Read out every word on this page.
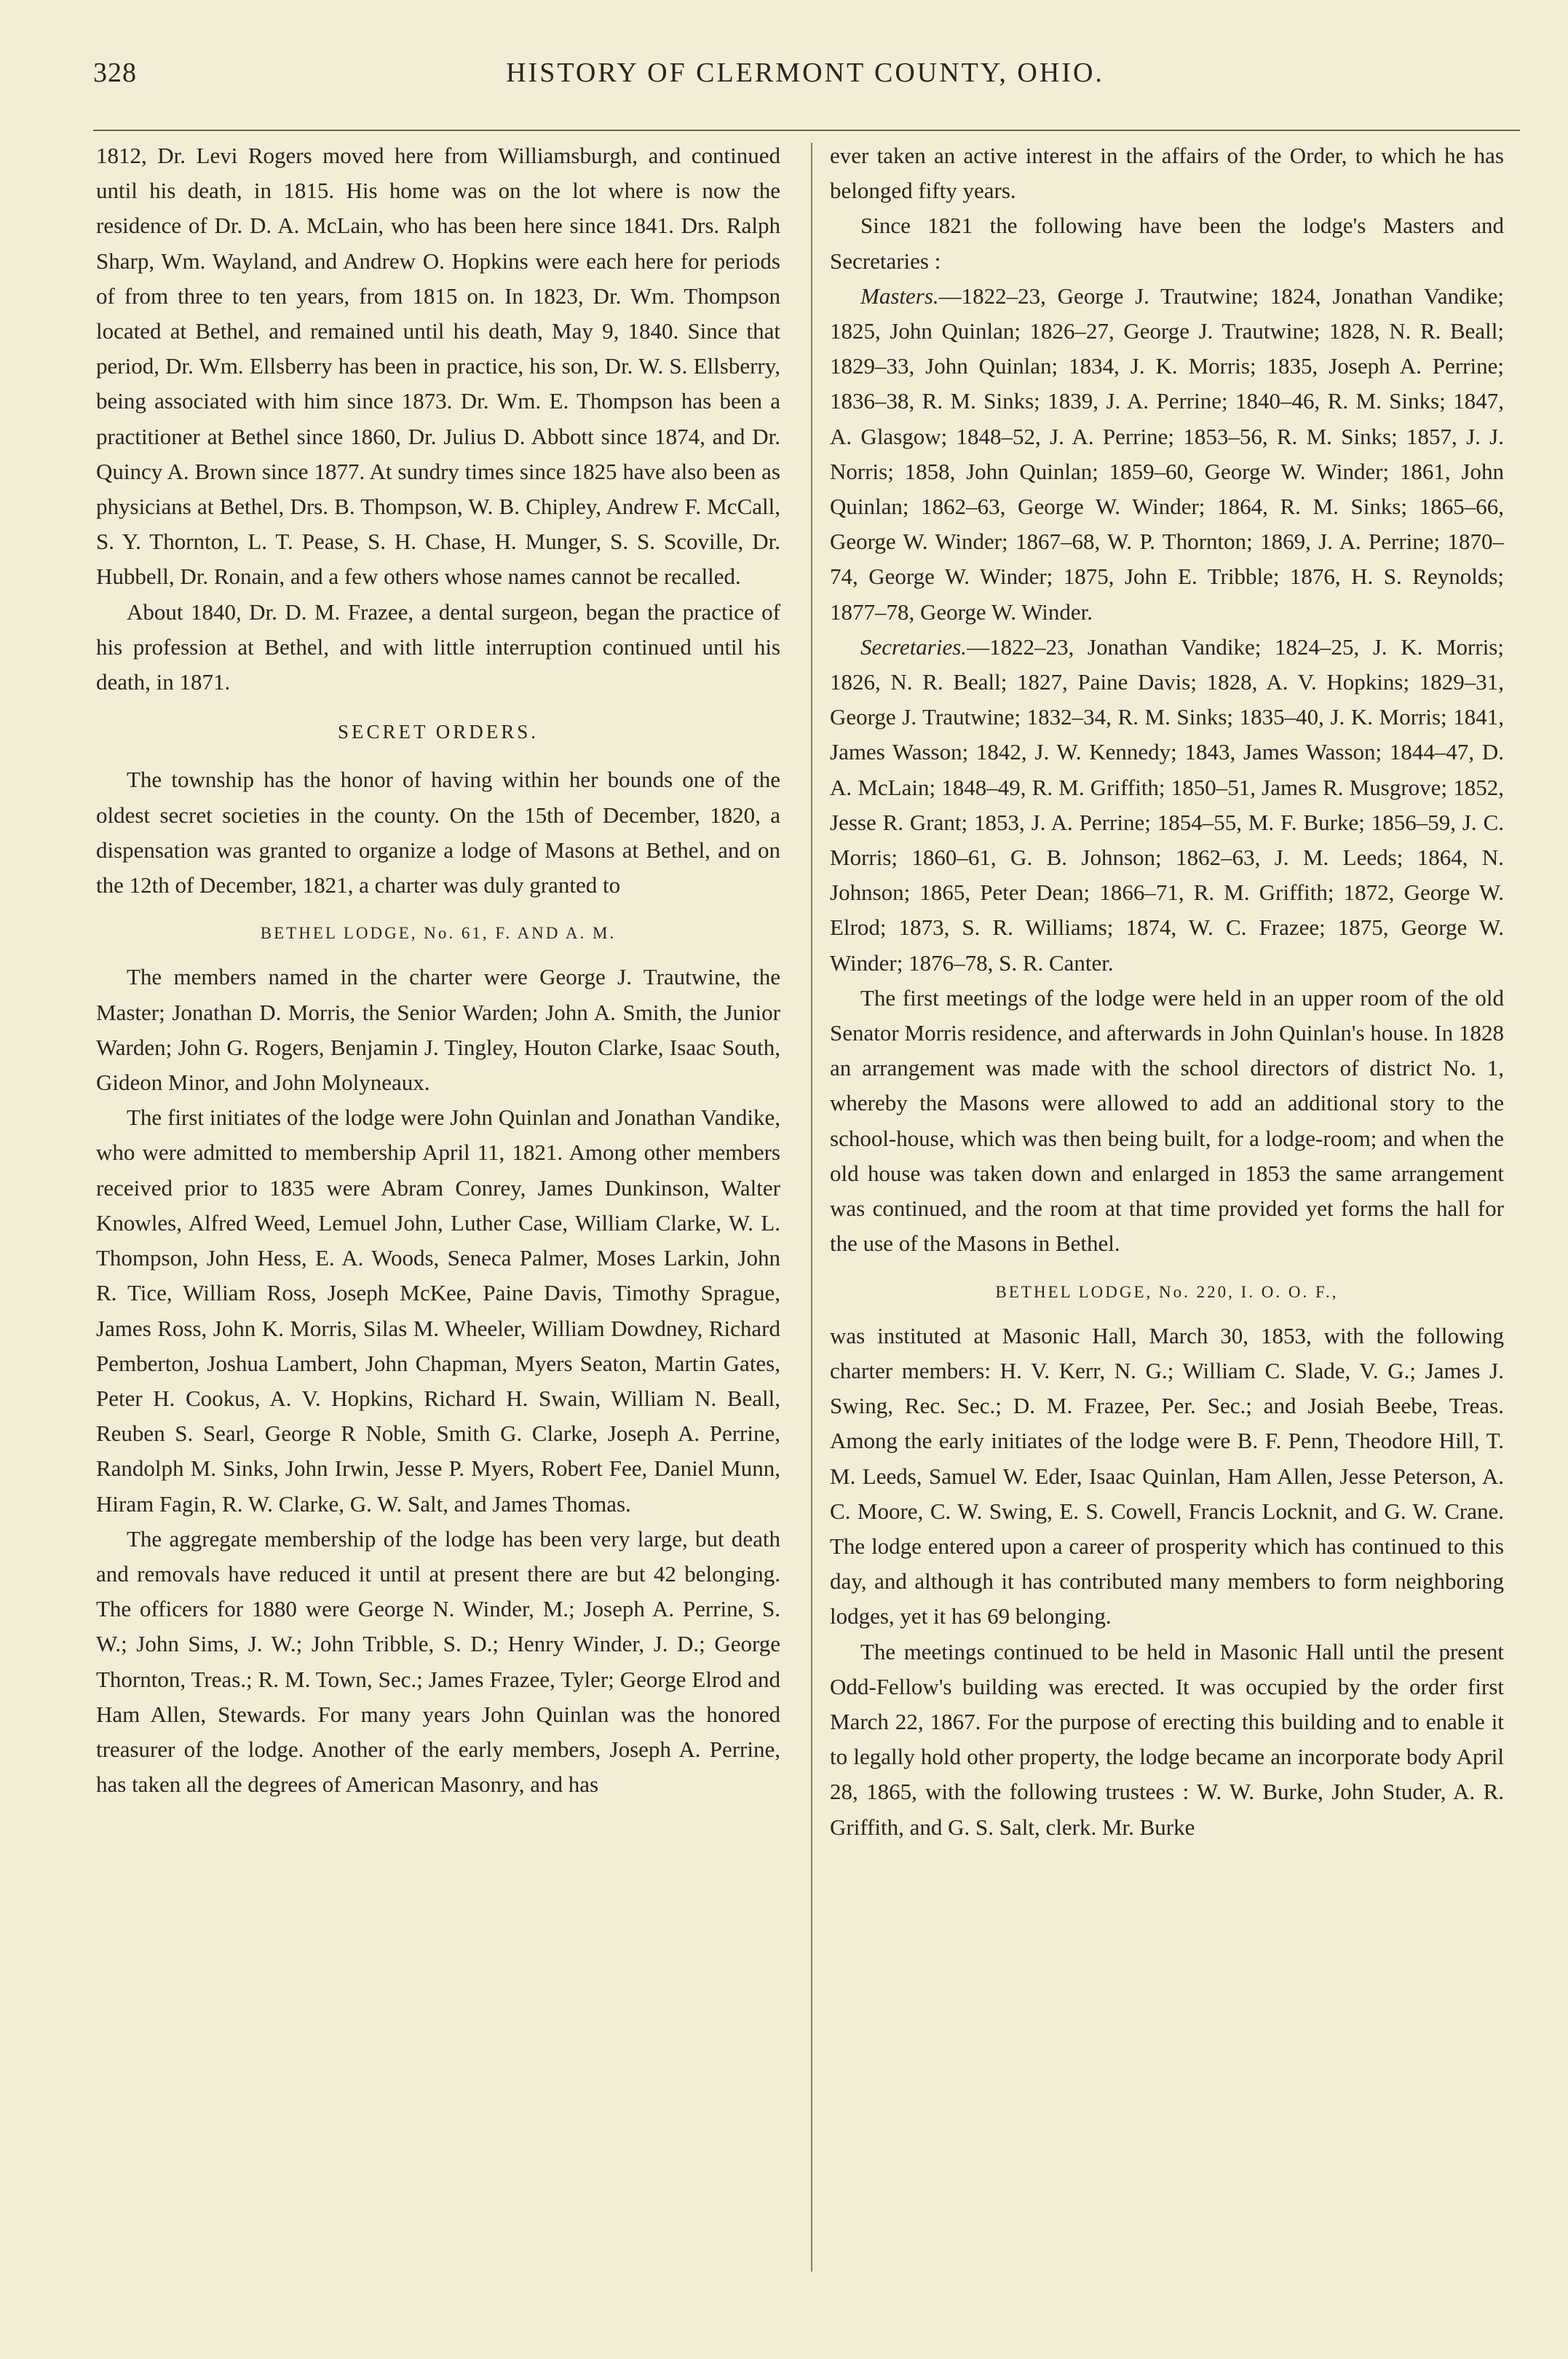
328	HISTORY OF CLERMONT COUNTY, OHIO.

1812, Dr. Levi Rogers moved here from Williamsburgh, and continued until his death, in 1815. His home was on the lot where is now the residence of Dr. D. A. McLain, who has been here since 1841. Drs. Ralph Sharp, Wm. Wayland, and Andrew O. Hopkins were each here for periods of from three to ten years, from 1815 on. In 1823, Dr. Wm. Thompson located at Bethel, and remained until his death, May 9, 1840. Since that period, Dr. Wm. Ellsberry has been in practice, his son, Dr. W. S. Ellsberry, being associated with him since 1873. Dr. Wm. E. Thompson has been a practitioner at Bethel since 1860, Dr. Julius D. Abbott since 1874, and Dr. Quincy A. Brown since 1877. At sundry times since 1825 have also been as physicians at Bethel, Drs. B. Thompson, W. B. Chipley, Andrew F. McCall, S. Y. Thornton, L. T. Pease, S. H. Chase, H. Munger, S. S. Scoville, Dr. Hubbell, Dr. Ronain, and a few others whose names cannot be recalled.

About 1840, Dr. D. M. Frazee, a dental surgeon, began the practice of his profession at Bethel, and with little interruption continued until his death, in 1871.

SECRET ORDERS.

The township has the honor of having within her bounds one of the oldest secret societies in the county. On the 15th of December, 1820, a dispensation was granted to organize a lodge of Masons at Bethel, and on the 12th of December, 1821, a charter was duly granted to

BETHEL LODGE, No. 61, F. AND A. M.

The members named in the charter were George J. Trautwine, the Master; Jonathan D. Morris, the Senior Warden; John A. Smith, the Junior Warden; John G. Rogers, Benjamin J. Tingley, Houton Clarke, Isaac South, Gideon Minor, and John Molyneaux.

The first initiates of the lodge were John Quinlan and Jonathan Vandike, who were admitted to membership April 11, 1821. Among other members received prior to 1835 were Abram Conrey, James Dunkinson, Walter Knowles, Alfred Weed, Lemuel John, Luther Case, William Clarke, W. L. Thompson, John Hess, E. A. Woods, Seneca Palmer, Moses Larkin, John R. Tice, William Ross, Joseph McKee, Paine Davis, Timothy Sprague, James Ross, John K. Morris, Silas M. Wheeler, William Dowdney, Richard Pemberton, Joshua Lambert, John Chapman, Myers Seaton, Martin Gates, Peter H. Cookus, A. V. Hopkins, Richard H. Swain, William N. Beall, Reuben S. Searl, George R Noble, Smith G. Clarke, Joseph A. Perrine, Randolph M. Sinks, John Irwin, Jesse P. Myers, Robert Fee, Daniel Munn, Hiram Fagin, R. W. Clarke, G. W. Salt, and James Thomas.

The aggregate membership of the lodge has been very large, but death and removals have reduced it until at present there are but 42 belonging. The officers for 1880 were George N. Winder, M.; Joseph A. Perrine, S. W.; John Sims, J. W.; John Tribble, S. D.; Henry Winder, J. D.; George Thornton, Treas.; R. M. Town, Sec.; James Frazee, Tyler; George Elrod and Ham Allen, Stewards. For many years John Quinlan was the honored treasurer of the lodge. Another of the early members, Joseph A. Perrine, has taken all the degrees of American Masonry, and has

ever taken an active interest in the affairs of the Order, to which he has belonged fifty years.

Since 1821 the following have been the lodge's Masters and Secretaries :

Masters.—1822–23, George J. Trautwine; 1824, Jonathan Vandike; 1825, John Quinlan; 1826–27, George J. Trautwine; 1828, N. R. Beall; 1829–33, John Quinlan; 1834, J. K. Morris; 1835, Joseph A. Perrine; 1836–38, R. M. Sinks; 1839, J. A. Perrine; 1840–46, R. M. Sinks; 1847, A. Glasgow; 1848–52, J. A. Perrine; 1853–56, R. M. Sinks; 1857, J. J. Norris; 1858, John Quinlan; 1859–60, George W. Winder; 1861, John Quinlan; 1862–63, George W. Winder; 1864, R. M. Sinks; 1865–66, George W. Winder; 1867–68, W. P. Thornton; 1869, J. A. Perrine; 1870–74, George W. Winder; 1875, John E. Tribble; 1876, H. S. Reynolds; 1877–78, George W. Winder.

Secretaries.—1822–23, Jonathan Vandike; 1824–25, J. K. Morris; 1826, N. R. Beall; 1827, Paine Davis; 1828, A. V. Hopkins; 1829–31, George J. Trautwine; 1832–34, R. M. Sinks; 1835–40, J. K. Morris; 1841, James Wasson; 1842, J. W. Kennedy; 1843, James Wasson; 1844–47, D. A. McLain; 1848–49, R. M. Griffith; 1850–51, James R. Musgrove; 1852, Jesse R. Grant; 1853, J. A. Perrine; 1854–55, M. F. Burke; 1856–59, J. C. Morris; 1860–61, G. B. Johnson; 1862–63, J. M. Leeds; 1864, N. Johnson; 1865, Peter Dean; 1866–71, R. M. Griffith; 1872, George W. Elrod; 1873, S. R. Williams; 1874, W. C. Frazee; 1875, George W. Winder; 1876–78, S. R. Canter.

The first meetings of the lodge were held in an upper room of the old Senator Morris residence, and afterwards in John Quinlan's house. In 1828 an arrangement was made with the school directors of district No. 1, whereby the Masons were allowed to add an additional story to the school-house, which was then being built, for a lodge-room; and when the old house was taken down and enlarged in 1853 the same arrangement was continued, and the room at that time provided yet forms the hall for the use of the Masons in Bethel.

BETHEL LODGE, No. 220, I. O. O. F.,

was instituted at Masonic Hall, March 30, 1853, with the following charter members: H. V. Kerr, N. G.; William C. Slade, V. G.; James J. Swing, Rec. Sec.; D. M. Frazee, Per. Sec.; and Josiah Beebe, Treas. Among the early initiates of the lodge were B. F. Penn, Theodore Hill, T. M. Leeds, Samuel W. Eder, Isaac Quinlan, Ham Allen, Jesse Peterson, A. C. Moore, C. W. Swing, E. S. Cowell, Francis Locknit, and G. W. Crane. The lodge entered upon a career of prosperity which has continued to this day, and although it has contributed many members to form neighboring lodges, yet it has 69 belonging.

The meetings continued to be held in Masonic Hall until the present Odd-Fellow's building was erected. It was occupied by the order first March 22, 1867. For the purpose of erecting this building and to enable it to legally hold other property, the lodge became an incorporate body April 28, 1865, with the following trustees : W. W. Burke, John Studer, A. R. Griffith, and G. S. Salt, clerk. Mr. Burke
